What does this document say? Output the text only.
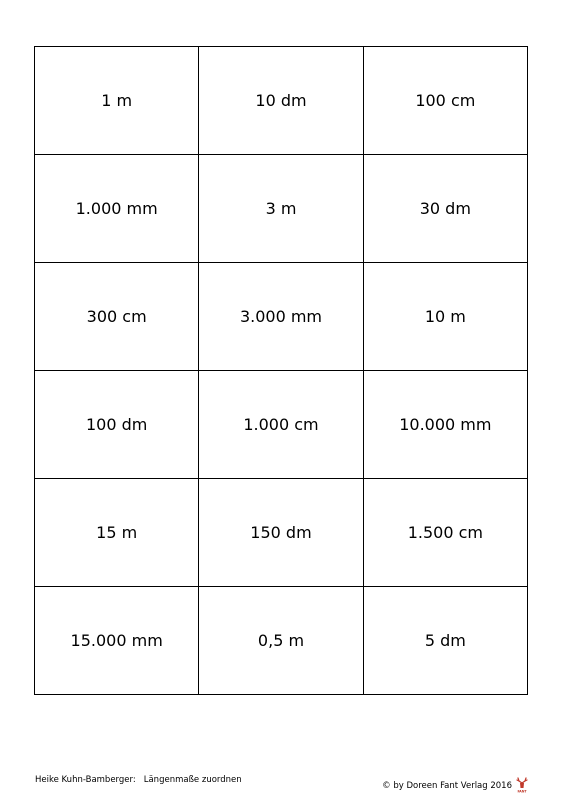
1 m	10 dm	100 cm
1.000 mm	3 m	30 dm
300 cm	3.000 mm	10 m
100 dm	1.000 cm	10.000 mm
15 m	150 dm	1.500 cm
15.000 mm	0,5 m	5 dm
Heike Kuhn-Bamberger: Längenmaße zuordnen
© by Doreen Fant Verlag 2016
FANT
